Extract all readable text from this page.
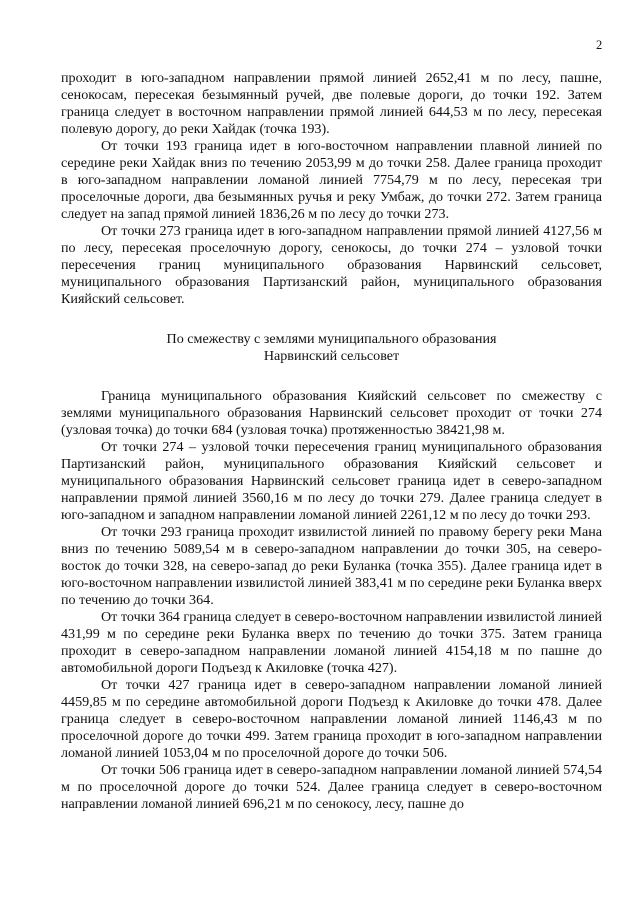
2

проходит в юго-западном направлении прямой линией 2652,41 м по лесу, пашне, сенокосам, пересекая безымянный ручей, две полевые дороги, до точки 192. Затем граница следует в восточном направлении прямой линией 644,53 м по лесу, пересекая полевую дорогу, до реки Хайдак (точка 193).

От точки 193 граница идет в юго-восточном направлении плавной линией по середине реки Хайдак вниз по течению 2053,99 м до точки 258. Далее граница проходит в юго-западном направлении ломаной линией 7754,79 м по лесу, пересекая три проселочные дороги, два безымянных ручья и реку Умбаж, до точки 272. Затем граница следует на запад прямой линией 1836,26 м по лесу до точки 273.

От точки 273 граница идет в юго-западном направлении прямой линией 4127,56 м по лесу, пересекая проселочную дорогу, сенокосы, до точки 274 – узловой точки пересечения границ муниципального образования Нарвинский сельсовет, муниципального образования Партизанский район, муниципального образования Кияйский сельсовет.

По смежеству с землями муниципального образования
Нарвинский сельсовет

Граница муниципального образования Кияйский сельсовет по смежеству с землями муниципального образования Нарвинский сельсовет проходит от точки 274 (узловая точка) до точки 684 (узловая точка) протяженностью 38421,98 м.

От точки 274 – узловой точки пересечения границ муниципального образования Партизанский район, муниципального образования Кияйский сельсовет и муниципального образования Нарвинский сельсовет граница идет в северо-западном направлении прямой линией 3560,16 м по лесу до точки 279. Далее граница следует в юго-западном и западном направлении ломаной линией 2261,12 м по лесу до точки 293.

От точки 293 граница проходит извилистой линией по правому берегу реки Мана вниз по течению 5089,54 м в северо-западном направлении до точки 305, на северо-восток до точки 328, на северо-запад до реки Буланка (точка 355). Далее граница идет в юго-восточном направлении извилистой линией 383,41 м по середине реки Буланка вверх по течению до точки 364.

От точки 364 граница следует в северо-восточном направлении извилистой линией 431,99 м по середине реки Буланка вверх по течению до точки 375. Затем граница проходит в северо-западном направлении ломаной линией 4154,18 м по пашне до автомобильной дороги Подъезд к Акиловке (точка 427).

От точки 427 граница идет в северо-западном направлении ломаной линией 4459,85 м по середине автомобильной дороги Подъезд к Акиловке до точки 478. Далее граница следует в северо-восточном направлении ломаной линией 1146,43 м по проселочной дороге до точки 499. Затем граница проходит в юго-западном направлении ломаной линией 1053,04 м по проселочной дороге до точки 506.

От точки 506 граница идет в северо-западном направлении ломаной линией 574,54 м по проселочной дороге до точки 524. Далее граница следует в северо-восточном направлении ломаной линией 696,21 м по сенокосу, лесу, пашне до
